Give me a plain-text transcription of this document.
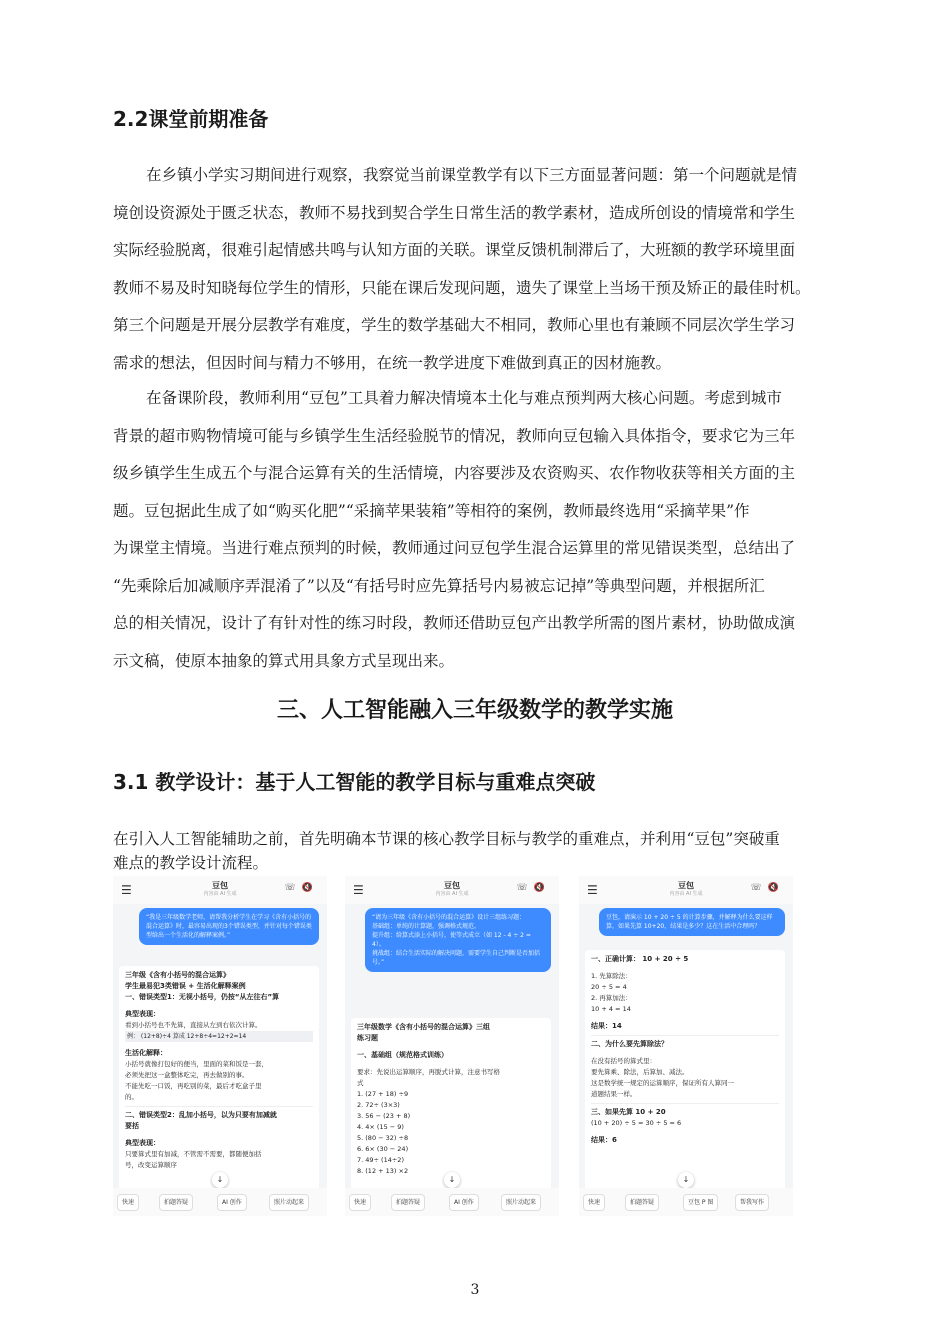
2.2课堂前期准备
在乡镇小学实习期间进行观察，我察觉当前课堂教学有以下三方面显著问题：第一个问题就是情
境创设资源处于匮乏状态，教师不易找到契合学生日常生活的教学素材，造成所创设的情境常和学生
实际经验脱离，很难引起情感共鸣与认知方面的关联。课堂反馈机制滞后了，大班额的教学环境里面
教师不易及时知晓每位学生的情形，只能在课后发现问题，遗失了课堂上当场干预及矫正的最佳时机。
第三个问题是开展分层教学有难度，学生的数学基础大不相同，教师心里也有兼顾不同层次学生学习
需求的想法，但因时间与精力不够用，在统一教学进度下难做到真正的因材施教。
在备课阶段，教师利用“豆包”工具着力解决情境本土化与难点预判两大核心问题。考虑到城市
背景的超市购物情境可能与乡镇学生生活经验脱节的情况，教师向豆包输入具体指令，要求它为三年
级乡镇学生生成五个与混合运算有关的生活情境，内容要涉及农资购买、农作物收获等相关方面的主
题。豆包据此生成了如“购买化肥”“采摘苹果装箱”等相符的案例，教师最终选用“采摘苹果”作
为课堂主情境。当进行难点预判的时候，教师通过问豆包学生混合运算里的常见错误类型，总结出了
“先乘除后加减顺序弄混淆了”以及“有括号时应先算括号内易被忘记掉”等典型问题，并根据所汇
总的相关情况，设计了有针对性的练习时段，教师还借助豆包产出教学所需的图片素材，协助做成演
示文稿，使原本抽象的算式用具象方式呈现出来。
三、人工智能融入三年级数学的教学实施
3.1 教学设计：基于人工智能的教学目标与重难点突破
在引入人工智能辅助之前，首先明确本节课的核心教学目标与教学的重难点，并利用“豆包”突破重
难点的教学设计流程。
☰	豆包
内容由 AI 生成
☏🔇
“我是三年级数学老师，请帮我分析学生在学习《含有小括号的混合运算》时，最容易出现的3个错误类型，并针对每个错误类型给出一个生活化的解释案例。”
三年级《含有小括号的混合运算》
学生最易犯3类错误 + 生活化解释案例
一、错误类型1：无视小括号，仍按“从左往右”算
典型表现：
看到小括号也不先算，直接从左到右依次计算。
例： (12+8)÷4 算成 12+8÷4=12+2=14
生活化解释：
小括号就像打包好的便当，里面的菜和饭是一套，
必须先把这一盒整体吃完，再去做别的事。
不能先吃一口饭，再吃别的菜，最后才吃盒子里
的。
二、错误类型2：乱加小括号，以为只要有加减就
要括
典型表现：
只要算式里有加减，不管需不需要，都随便加括
号，改变运算顺序
↓
快速	拍题答疑	AI 创作	照片动起来
☰	豆包
内容由 AI 生成
☏🔇
“请为三年级《含有小括号的混合运算》设计三组练习题：
基础组：单纯的计算题，强调格式规范。
提升组：给算式添上小括号，使等式成立（如 12 - 4 ÷ 2 = 4）。
挑战组：结合生活实际的解决问题，需要学生自己判断是否加括号。”
三年级数学《含有小括号的混合运算》三组
练习题
一、基础组（规范格式训练）
要求：先说出运算顺序，再脱式计算，注意书写格
式
1. (27 + 18) ÷9
2. 72÷ (3×3)
3. 56 − (23 + 8)
4. 4× (15 − 9)
5. (80 − 32) ÷8
6. 6× (30 − 24)
7. 49÷ (14÷2)
8. (12 + 13) ×2
↓
快速	拍题答疑	AI 创作	照片动起来
☰	豆包
内容由 AI 生成
☏🔇
豆包，请演示 10 + 20 ÷ 5 的计算步骤，并解释为什么要这样算，如果先算 10+20，结果是多少？这在生活中合理吗？
一、正确计算： 10 + 20 ÷ 5
1. 先算除法：
20 ÷ 5 = 4
2. 再算加法：
10 + 4 = 14
结果：14
二、为什么要先算除法？
在没有括号的算式里：
要先算乘、除法，后算加、减法。
这是数学统一规定的运算顺序，保证所有人算同一
道题结果一样。
三、如果先算 10 + 20
(10 + 20) ÷ 5 = 30 ÷ 5 = 6
结果：6
↓
快速	拍题答疑	豆包 P 图	帮我写作
3
